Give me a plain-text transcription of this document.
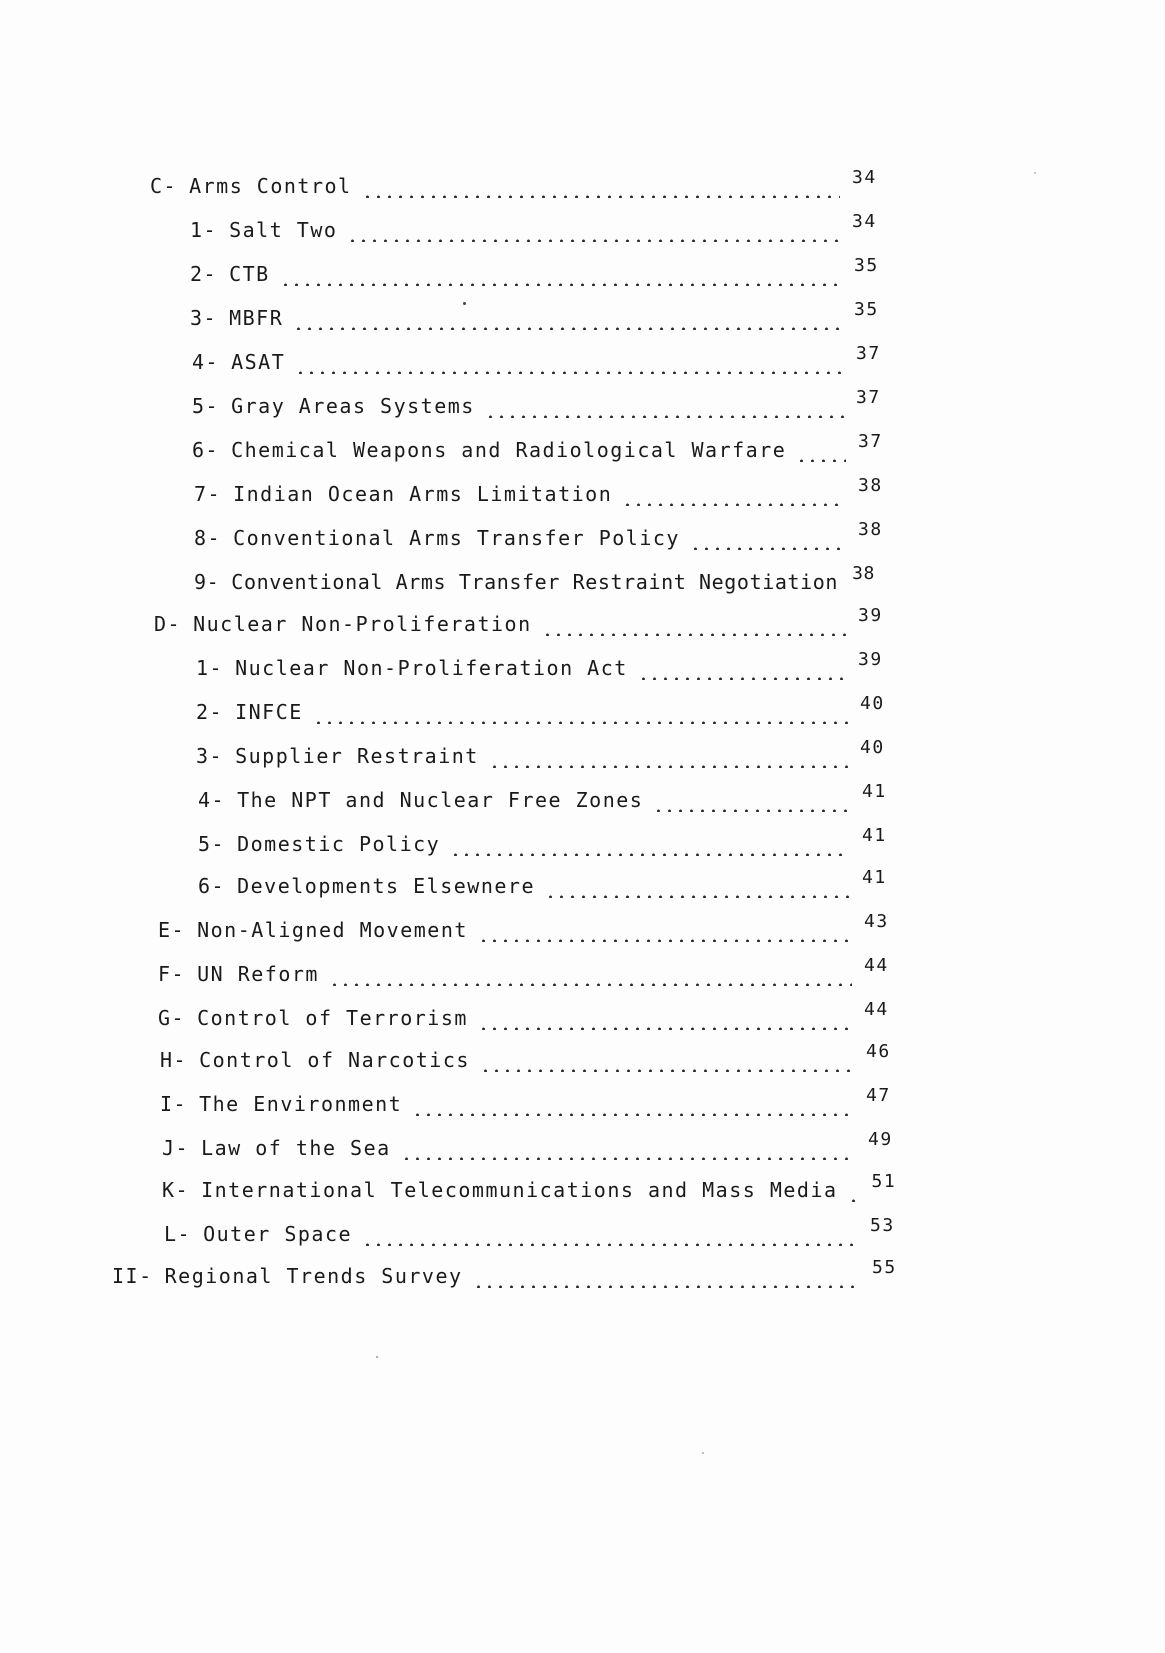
C- Arms Control	34
1- Salt Two	34
2- CTB	35
3- MBFR	35
4- ASAT	37
5- Gray Areas Systems	37
6- Chemical Weapons and Radiological Warfare	37
7- Indian Ocean Arms Limitation	38
8- Conventional Arms Transfer Policy	38
9- Conventional Arms Transfer Restraint Negotiation 38
D- Nuclear Non-Proliferation	39
1- Nuclear Non-Proliferation Act	39
2- INFCE	40
3- Supplier Restraint	40
4- The NPT and Nuclear Free Zones	41
5- Domestic Policy	41
6- Developments Elsewnere	41
E- Non-Aligned Movement	43
F- UN Reform	44
G- Control of Terrorism	44
H- Control of Narcotics	46
I- The Environment	47
J- Law of the Sea	49
K- International Telecommunications and Mass Media	51
L- Outer Space	53
II- Regional Trends Survey	55
